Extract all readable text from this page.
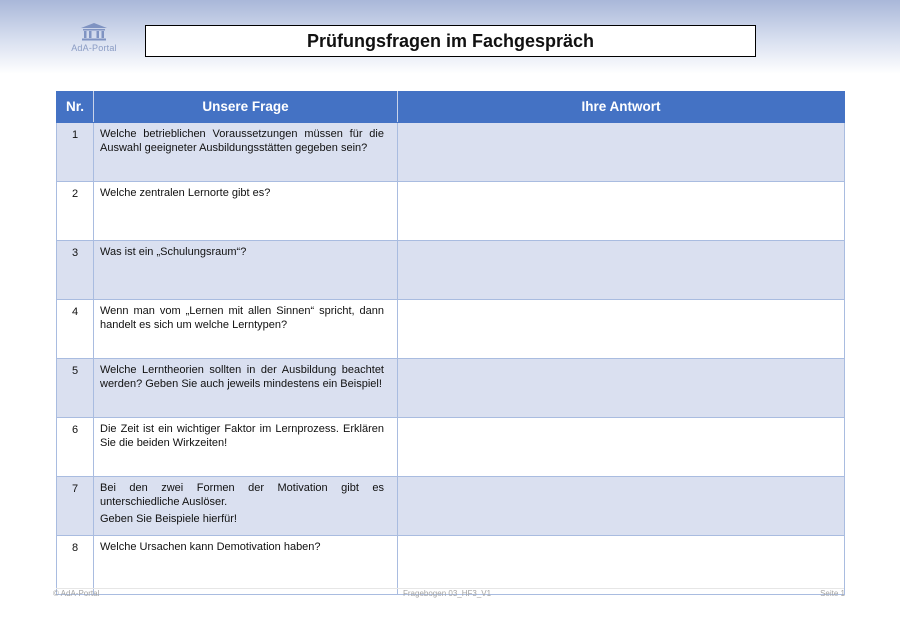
AdA-Portal	Prüfungsfragen im Fachgespräch
Nr.	Unsere Frage	Ihre Antwort
1	Welche betrieblichen Voraussetzungen müssen für die Auswahl geeigneter Ausbildungsstätten gegeben sein?	

2	Welche zentralen Lernorte gibt es?	

3	Was ist ein „Schulungsraum“?	

4	Wenn man vom „Lernen mit allen Sinnen“ spricht, dann handelt es sich um welche Lerntypen?	

5	Welche Lerntheorien sollten in der Ausbildung beachtet werden? Geben Sie auch jeweils mindestens ein Beispiel!	

6	Die Zeit ist ein wichtiger Faktor im Lernprozess. Erklären Sie die beiden Wirkzeiten!	

7	Bei den zwei Formen der Motivation gibt es unterschiedliche Auslöser.

Geben Sie Beispiele hierfür!	

8	Welche Ursachen kann Demotivation haben?	

© AdA-Portal	Fragebogen 03_HF3_V1	Seite 1
